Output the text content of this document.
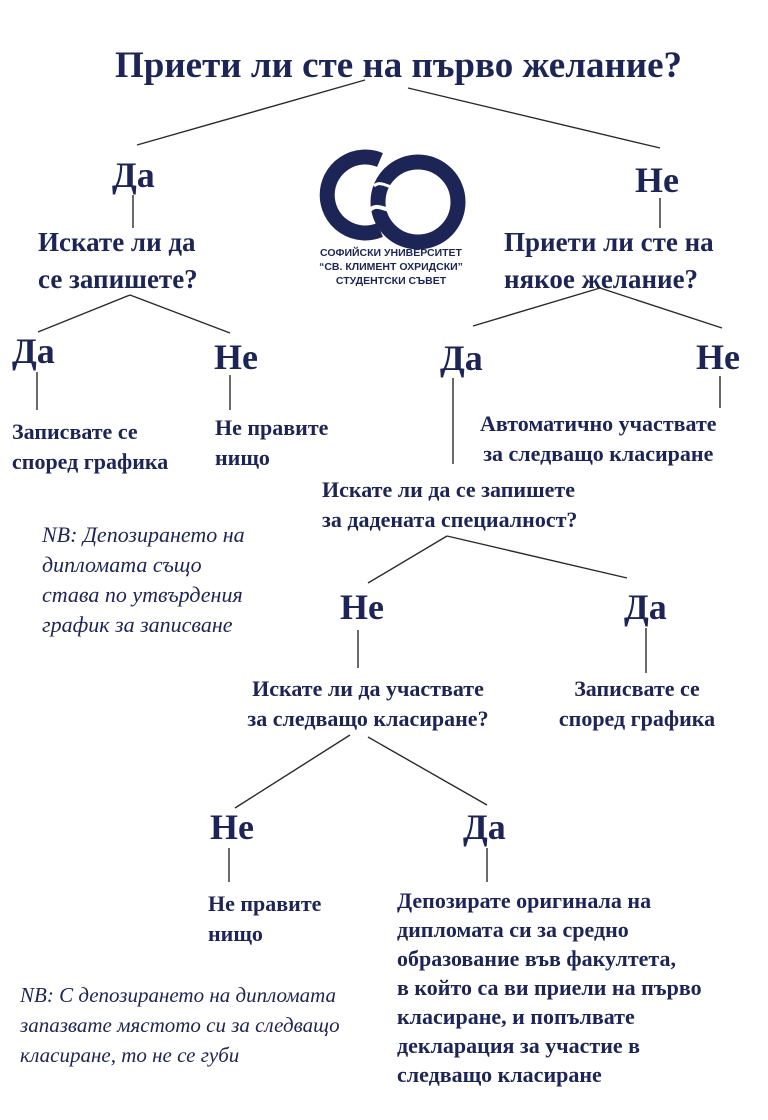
Приети ли сте на първо желание?
СОФИЙСКИ УНИВЕРСИТЕТ
“СВ. КЛИМЕНТ ОХРИДСКИ”
СТУДЕНТСКИ СЪВЕТ
Да
Искате ли да
се запишете?
Да	Не
Записвате се
според графика
Не правите
нищо
NB: Депозирането на
дипломата също
става по утвърдения
график за записване
Не
Приети ли сте на
някое желание?
Да	Не
Автоматично участвате
за следващо класиране
Искате ли да се запишете
за дадената специалност?
Не	Да
Записвате се
според графика
Искате ли да участвате
за следващо класиране?
Не	Да
Не правите
нищо
Депозирате оригинала на
дипломата си за средно
образование във факултета,
в който са ви приели на първо
класиране, и попълвате
декларация за участие в
следващо класиране
NB: С депозирането на дипломата
запазвате мястото си за следващо
класиране, то не се губи
